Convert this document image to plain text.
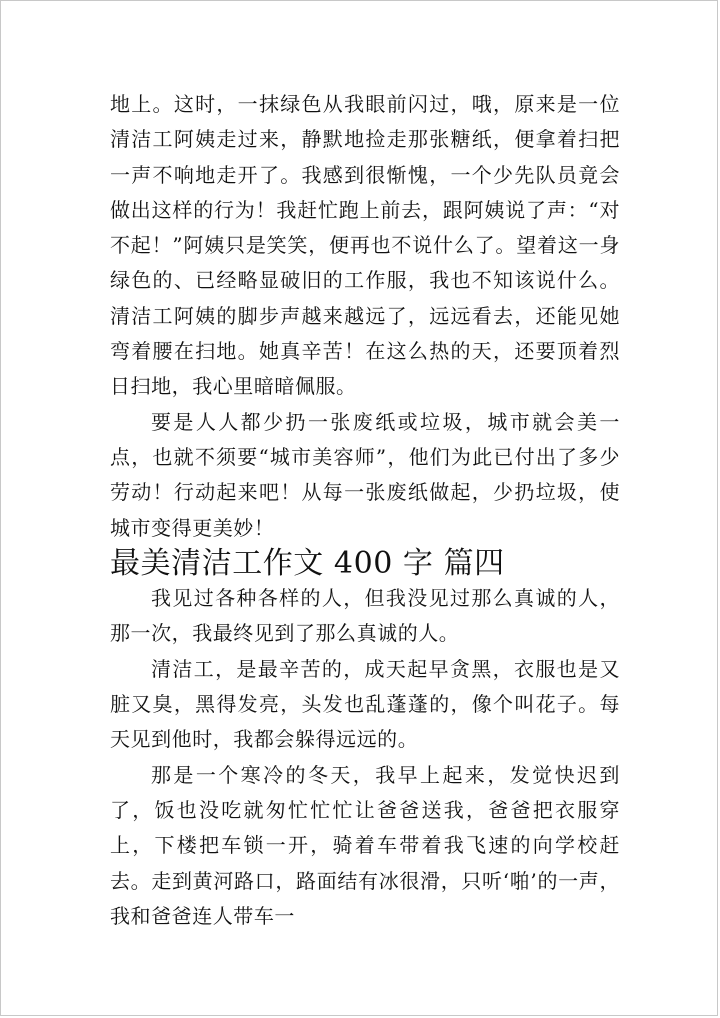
地上。这时，一抹绿色从我眼前闪过，哦，原来是一位清洁工阿姨走过来，静默地捡走那张糖纸，便拿着扫把一声不响地走开了。我感到很惭愧，一个少先队员竟会做出这样的行为！我赶忙跑上前去，跟阿姨说了声：“对不起！”阿姨只是笑笑，便再也不说什么了。望着这一身绿色的、已经略显破旧的工作服，我也不知该说什么。清洁工阿姨的脚步声越来越远了，远远看去，还能见她弯着腰在扫地。她真辛苦！在这么热的天，还要顶着烈日扫地，我心里暗暗佩服。

要是人人都少扔一张废纸或垃圾，城市就会美一点，也就不须要“城市美容师”，他们为此已付出了多少劳动！行动起来吧！从每一张废纸做起，少扔垃圾，使城市变得更美妙！

最美清洁工作文 400 字 篇四

我见过各种各样的人，但我没见过那么真诚的人，那一次，我最终见到了那么真诚的人。

清洁工，是最辛苦的，成天起早贪黑，衣服也是又脏又臭，黑得发亮，头发也乱蓬蓬的，像个叫花子。每天见到他时，我都会躲得远远的。

那是一个寒冷的冬天，我早上起来，发觉快迟到了，饭也没吃就匆忙忙忙让爸爸送我，爸爸把衣服穿上，下楼把车锁一开，骑着车带着我飞速的向学校赶去。走到黄河路口，路面结有冰很滑，只听‘啪’的一声，我和爸爸连人带车一
